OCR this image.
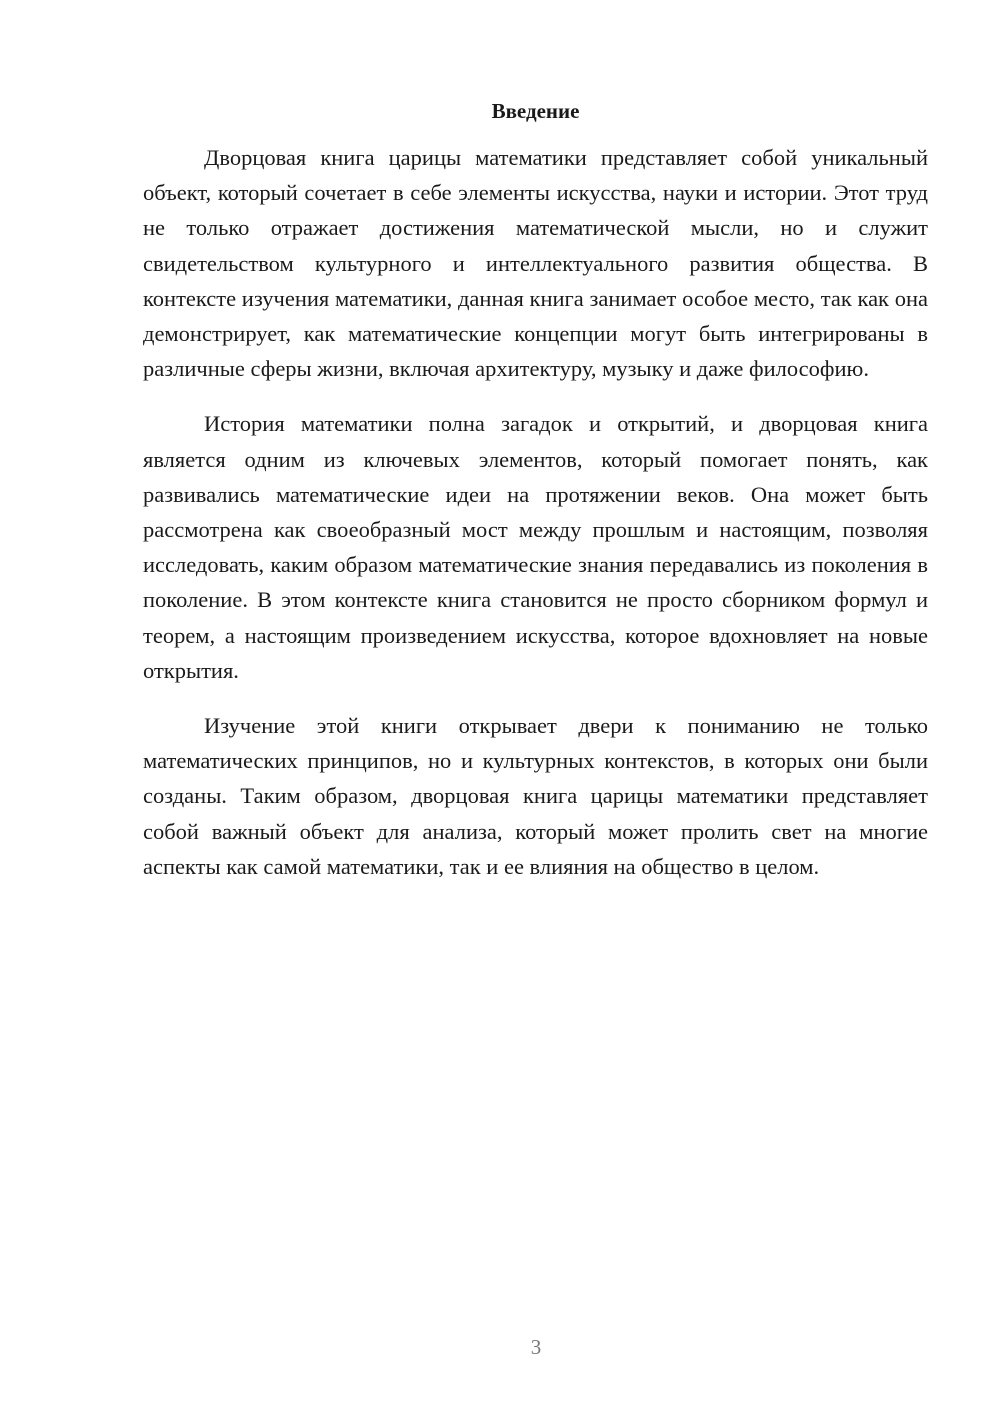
Введение

Дворцовая книга царицы математики представляет собой уникальный объект, который сочетает в себе элементы искусства, науки и истории. Этот труд не только отражает достижения математической мысли, но и служит свидетельством культурного и интеллектуального развития общества. В контексте изучения математики, данная книга занимает особое место, так как она демонстрирует, как математические концепции могут быть интегрированы в различные сферы жизни, включая архитектуру, музыку и даже философию.

История математики полна загадок и открытий, и дворцовая книга является одним из ключевых элементов, который помогает понять, как развивались математические идеи на протяжении веков. Она может быть рассмотрена как своеобразный мост между прошлым и настоящим, позволяя исследовать, каким образом математические знания передавались из поколения в поколение. В этом контексте книга становится не просто сборником формул и теорем, а настоящим произведением искусства, которое вдохновляет на новые открытия.

Изучение этой книги открывает двери к пониманию не только математических принципов, но и культурных контекстов, в которых они были созданы. Таким образом, дворцовая книга царицы математики представляет собой важный объект для анализа, который может пролить свет на многие аспекты как самой математики, так и ее влияния на общество в целом.

3
